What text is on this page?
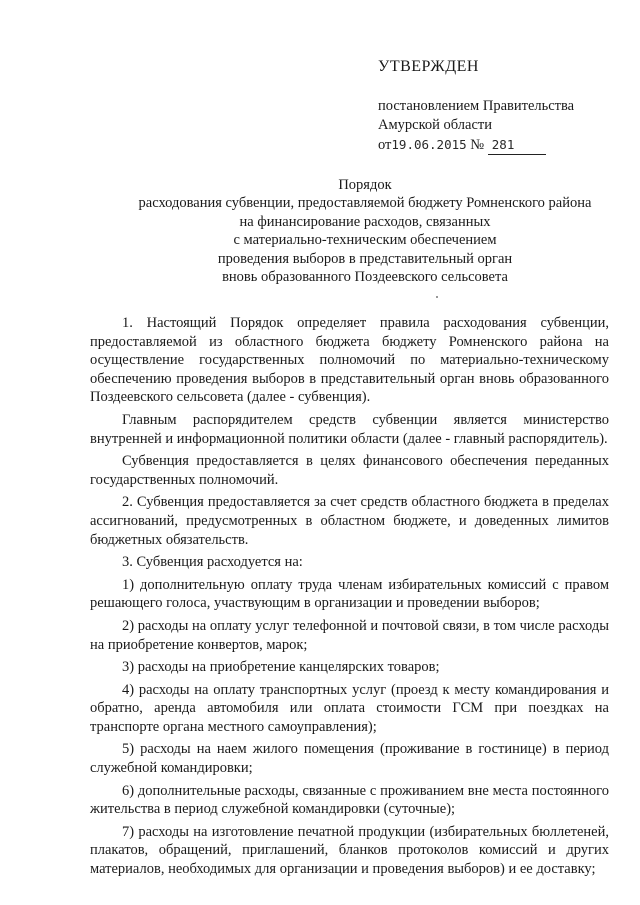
УТВЕРЖДЕН

постановлением Правительства

Амурской области

от19.06.2015 № 281

Порядок

расходования субвенции, предоставляемой бюджету Ромненского района

на финансирование расходов, связанных

с материально-техническим обеспечением

проведения выборов в представительный орган

вновь образованного Поздеевского сельсовета

1. Настоящий Порядок определяет правила расходования субвенции, предоставляемой из областного бюджета бюджету Ромненского района на осуществление государственных полномочий по материально-техническому обеспечению проведения выборов в представительный орган вновь образованного Поздеевского сельсовета (далее - субвенция).

Главным распорядителем средств субвенции является министерство внутренней и информационной политики области (далее - главный распорядитель).

Субвенция предоставляется в целях финансового обеспечения переданных государственных полномочий.

2. Субвенция предоставляется за счет средств областного бюджета в пределах ассигнований, предусмотренных в областном бюджете, и доведенных лимитов бюджетных обязательств.

3. Субвенция расходуется на:

1) дополнительную оплату труда членам избирательных комиссий с правом решающего голоса, участвующим в организации и проведении выборов;

2) расходы на оплату услуг телефонной и почтовой связи, в том числе расходы на приобретение конвертов, марок;

3) расходы на приобретение канцелярских товаров;

4) расходы на оплату транспортных услуг (проезд к месту командирования и обратно, аренда автомобиля или оплата стоимости ГСМ при поездках на транспорте органа местного самоуправления);

5) расходы на наем жилого помещения (проживание в гостинице) в период служебной командировки;

6) дополнительные расходы, связанные с проживанием вне места постоянного жительства в период служебной командировки (суточные);

7) расходы на изготовление печатной продукции (избирательных бюллетеней, плакатов, обращений, приглашений, бланков протоколов комиссий и других материалов, необходимых для организации и проведения выборов) и ее доставку;
